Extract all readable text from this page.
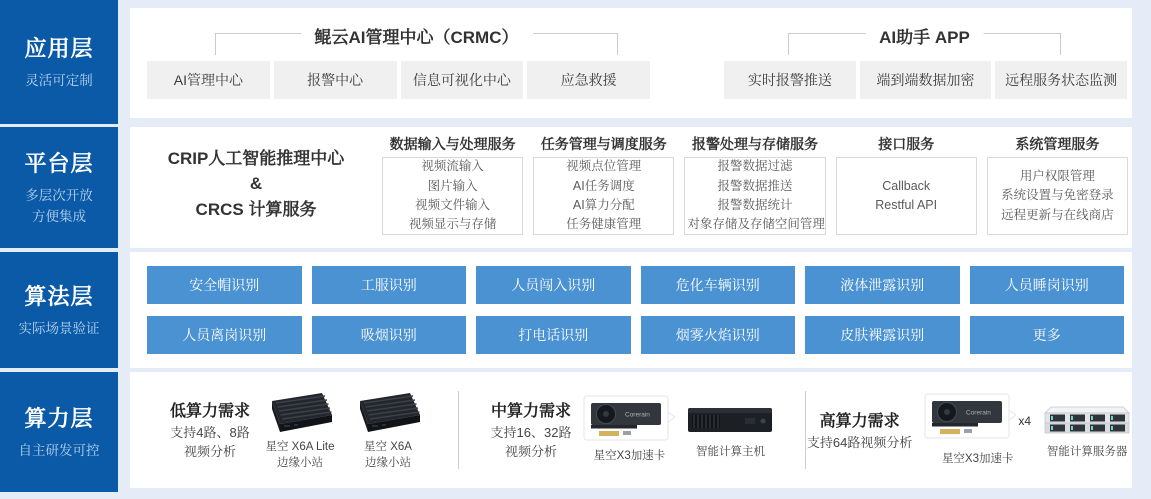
应用层
灵活可定制
平台层
多层次开放
方便集成
算法层
实际场景验证
算力层
自主研发可控
鲲云AI管理中心（CRMC）
AI管理中心	报警中心	信息可视化中心	应急救援
AI助手 APP
实时报警推送	端到端数据加密	远程服务状态监测
CRIP人工智能推理中心
&
CRCS 计算服务
数据输入与处理服务
视频流输入
图片输入
视频文件输入
视频显示与存储
任务管理与调度服务
视频点位管理
AI任务调度
AI算力分配
任务健康管理
报警处理与存储服务
报警数据过滤
报警数据推送
报警数据统计
对象存储及存储空间管理
接口服务
Callback
Restful API
系统管理服务
用户权限管理
系统设置与免密登录
远程更新与在线商店
安全帽识别	工服识别	人员闯入识别	危化车辆识别	液体泄露识别	人员睡岗识别
人员离岗识别	吸烟识别	打电话识别	烟雾火焰识别	皮肤裸露识别	更多
低算力需求
支持4路、8路
视频分析	星空 X6A Lite
边缘小站
星空 X6A
边缘小站
中算力需求
支持16、32路
视频分析
Corerain
星空X3加速卡	智能计算主机
高算力需求
支持64路视频分析
Corerain
x4
星空X3加速卡
智能计算服务器
